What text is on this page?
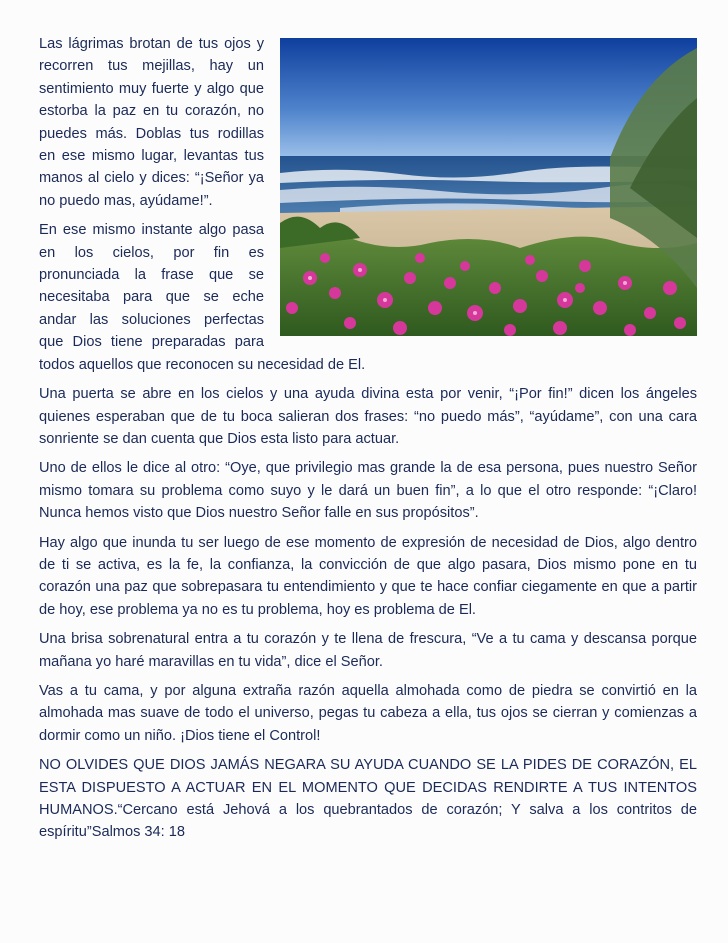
Las lágrimas brotan de tus ojos y recorren tus mejillas, hay un sentimiento muy fuerte y algo que estorba la paz en tu corazón, no puedes más. Doblas tus rodillas en ese mismo lugar, levantas tus manos al cielo y dices: “¡Señor ya no puedo mas, ayúdame!”.

En ese mismo instante algo pasa en los cielos, por fin es pronunciada la frase que se necesitaba para que se eche andar las soluciones perfectas que Dios tiene preparadas para todos aquellos que reconocen su necesidad de El.

Una puerta se abre en los cielos y una ayuda divina esta por venir, “¡Por fin!” dicen los ángeles quienes esperaban que de tu boca salieran dos frases: “no puedo más”, “ayúdame”, con una cara sonriente se dan cuenta que Dios esta listo para actuar.

Uno de ellos le dice al otro: “Oye, que privilegio mas grande la de esa persona, pues nuestro Señor mismo tomara su problema como suyo y le dará un buen fin”, a lo que el otro responde: “¡Claro! Nunca hemos visto que Dios nuestro Señor falle en sus propósitos”.

Hay algo que inunda tu ser luego de ese momento de expresión de necesidad de Dios, algo dentro de ti se activa, es la fe, la confianza, la convicción de que algo pasara, Dios mismo pone en tu corazón una paz que sobrepasara tu entendimiento y que te hace confiar ciegamente en que a partir de hoy, ese problema ya no es tu problema, hoy es problema de El.

Una brisa sobrenatural entra a tu corazón y te llena de frescura, “Ve a tu cama y descansa porque mañana yo haré maravillas en tu vida”, dice el Señor.

Vas a tu cama, y por alguna extraña razón aquella almohada como de piedra se convirtió en la almohada mas suave de todo el universo, pegas tu cabeza a ella, tus ojos se cierran y comienzas a dormir como un niño. ¡Dios tiene el Control!

NO OLVIDES QUE DIOS JAMÁS NEGARA SU AYUDA CUANDO SE LA PIDES DE CORAZÓN, EL ESTA DISPUESTO A ACTUAR EN EL MOMENTO QUE DECIDAS RENDIRTE A TUS INTENTOS HUMANOS.“Cercano está Jehová a los quebrantados de corazón; Y salva a los contritos de espíritu”Salmos 34: 18
